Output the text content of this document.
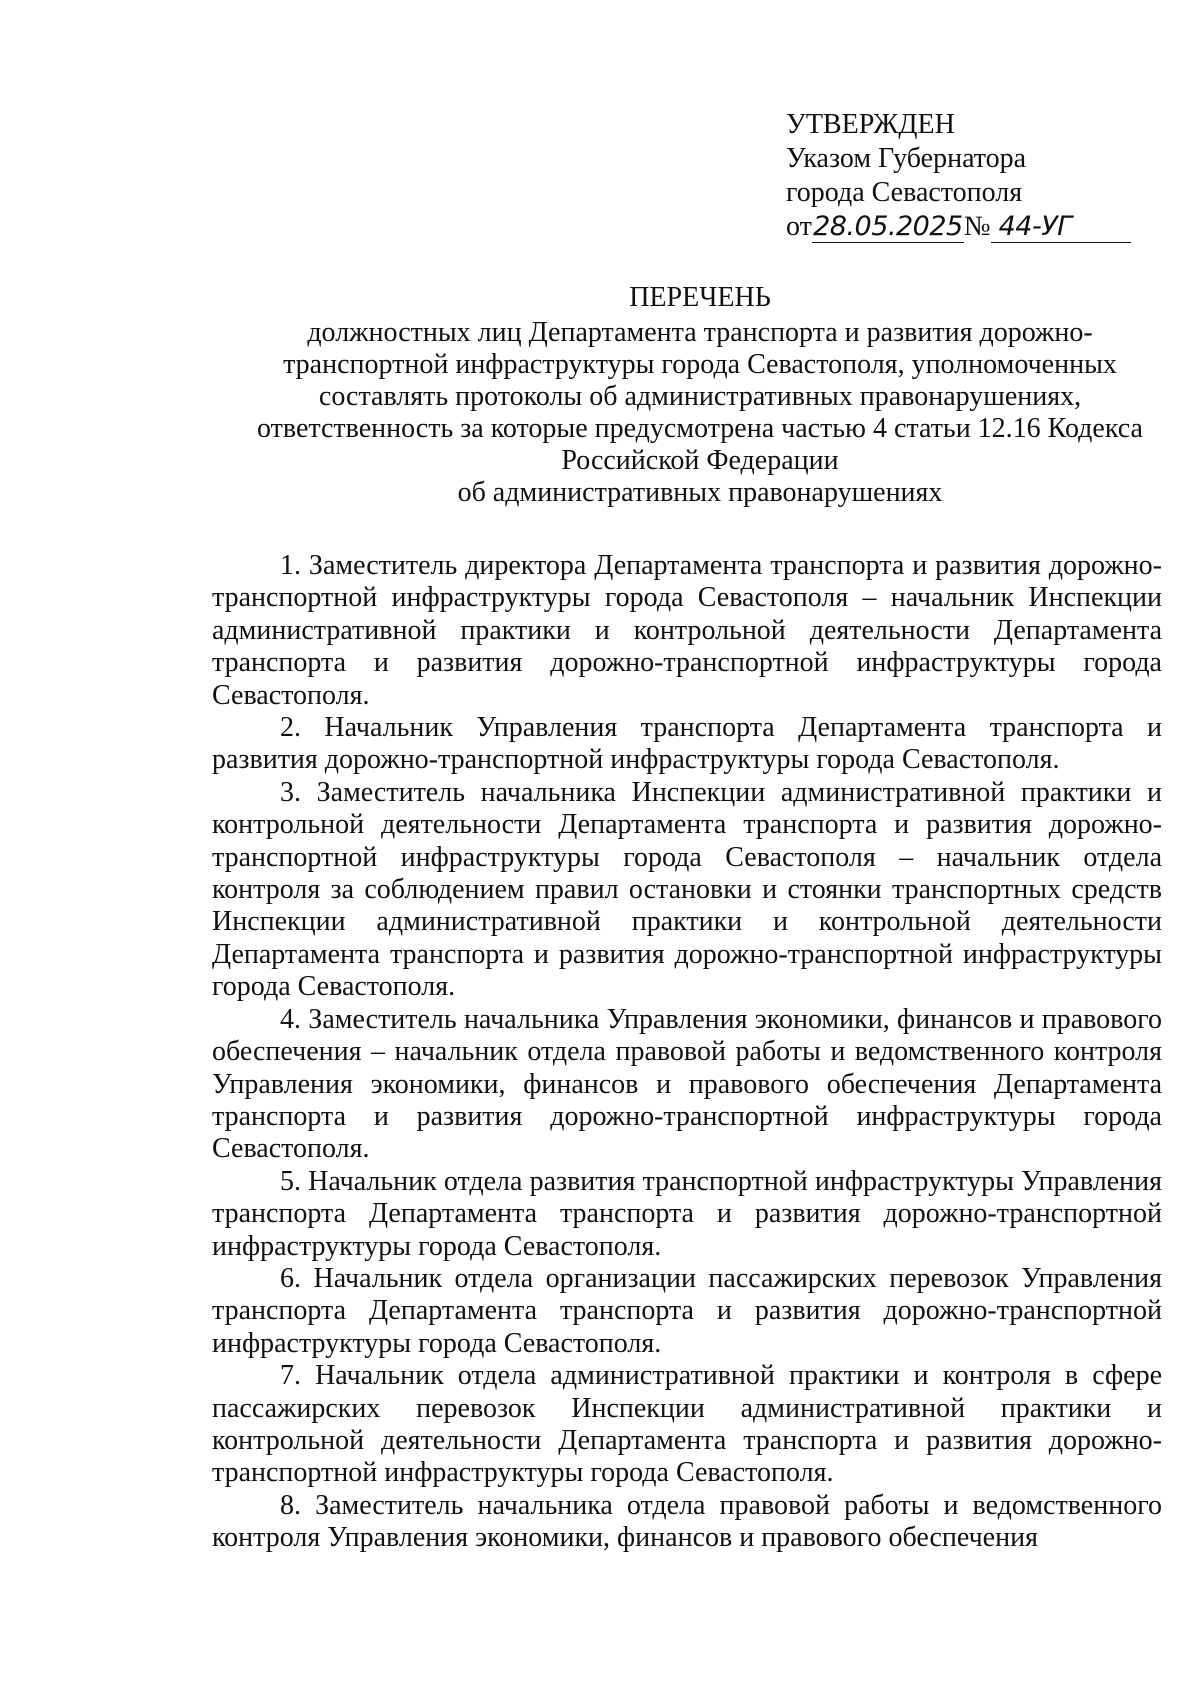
УТВЕРЖДЕН
Указом Губернатора
города Севастополя
от28.05.2025№ 44-УГ
ПЕРЕЧЕНЬ
должностных лиц Департамента транспорта и развития дорожно-
транспортной инфраструктуры города Севастополя, уполномоченных
составлять протоколы об административных правонарушениях,
ответственность за которые предусмотрена частью 4 статьи 12.16 Кодекса
Российской Федерации
об административных правонарушениях

1. Заместитель директора Департамента транспорта и развития дорожно-транспортной инфраструктуры города Севастополя – начальник Инспекции административной практики и контрольной деятельности Департамента транспорта и развития дорожно-транспортной инфраструктуры города Севастополя.

2. Начальник Управления транспорта Департамента транспорта и развития дорожно-транспортной инфраструктуры города Севастополя.

3. Заместитель начальника Инспекции административной практики и контрольной деятельности Департамента транспорта и развития дорожно-транспортной инфраструктуры города Севастополя – начальник отдела контроля за соблюдением правил остановки и стоянки транспортных средств Инспекции административной практики и контрольной деятельности Департамента транспорта и развития дорожно-транспортной инфраструктуры города Севастополя.

4. Заместитель начальника Управления экономики, финансов и правового обеспечения – начальник отдела правовой работы и ведомственного контроля Управления экономики, финансов и правового обеспечения Департамента транспорта и развития дорожно-транспортной инфраструктуры города Севастополя.

5. Начальник отдела развития транспортной инфраструктуры Управления транспорта Департамента транспорта и развития дорожно-транспортной инфраструктуры города Севастополя.

6. Начальник отдела организации пассажирских перевозок Управления транспорта Департамента транспорта и развития дорожно-транспортной инфраструктуры города Севастополя.

7. Начальник отдела административной практики и контроля в сфере пассажирских перевозок Инспекции административной практики и контрольной деятельности Департамента транспорта и развития дорожно-транспортной инфраструктуры города Севастополя.

8. Заместитель начальника отдела правовой работы и ведомственного контроля Управления экономики, финансов и правового обеспечения
